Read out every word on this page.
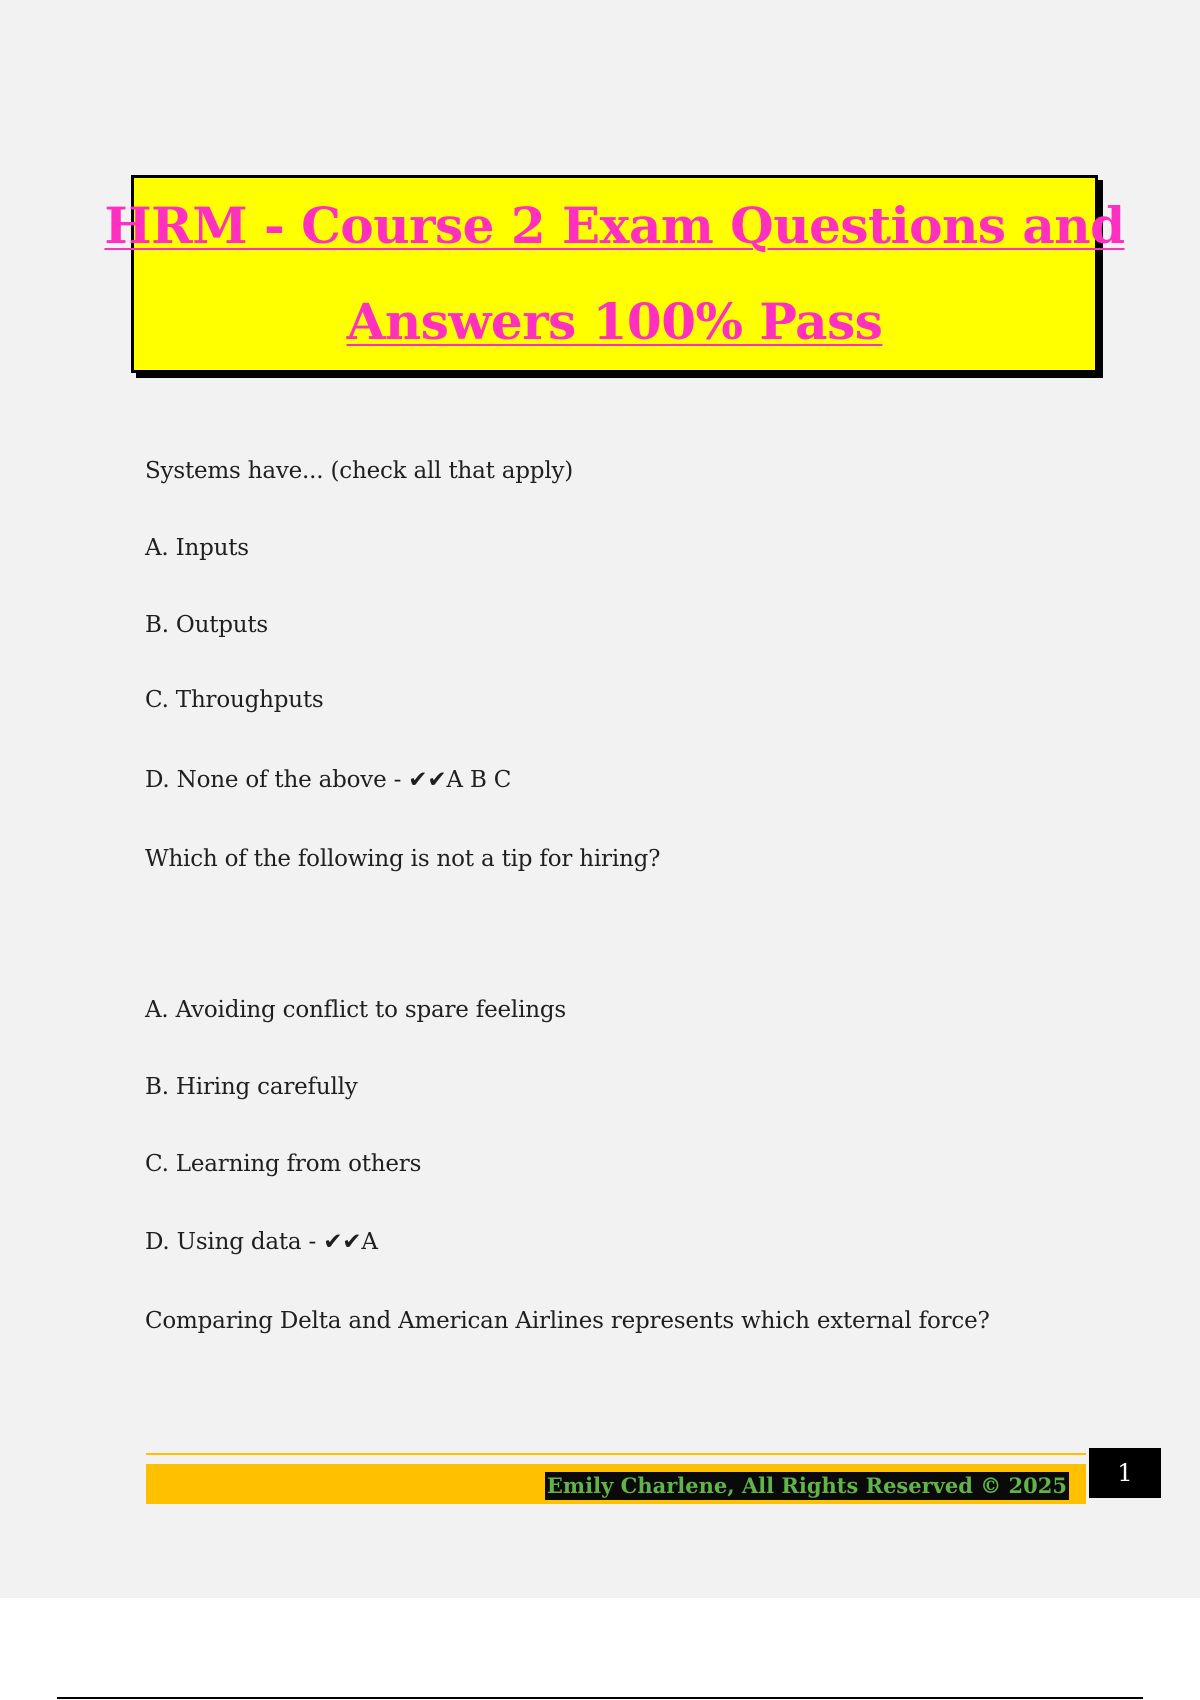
HRM - Course 2 Exam Questions and
Answers 100% Pass
Systems have... (check all that apply)
A. Inputs
B. Outputs
C. Throughputs
D. None of the above - ✔✔A B C
Which of the following is not a tip for hiring?
A. Avoiding conflict to spare feelings
B. Hiring carefully
C. Learning from others
D. Using data - ✔✔A
Comparing Delta and American Airlines represents which external force?
Emily Charlene, All Rights Reserved © 2025	1
